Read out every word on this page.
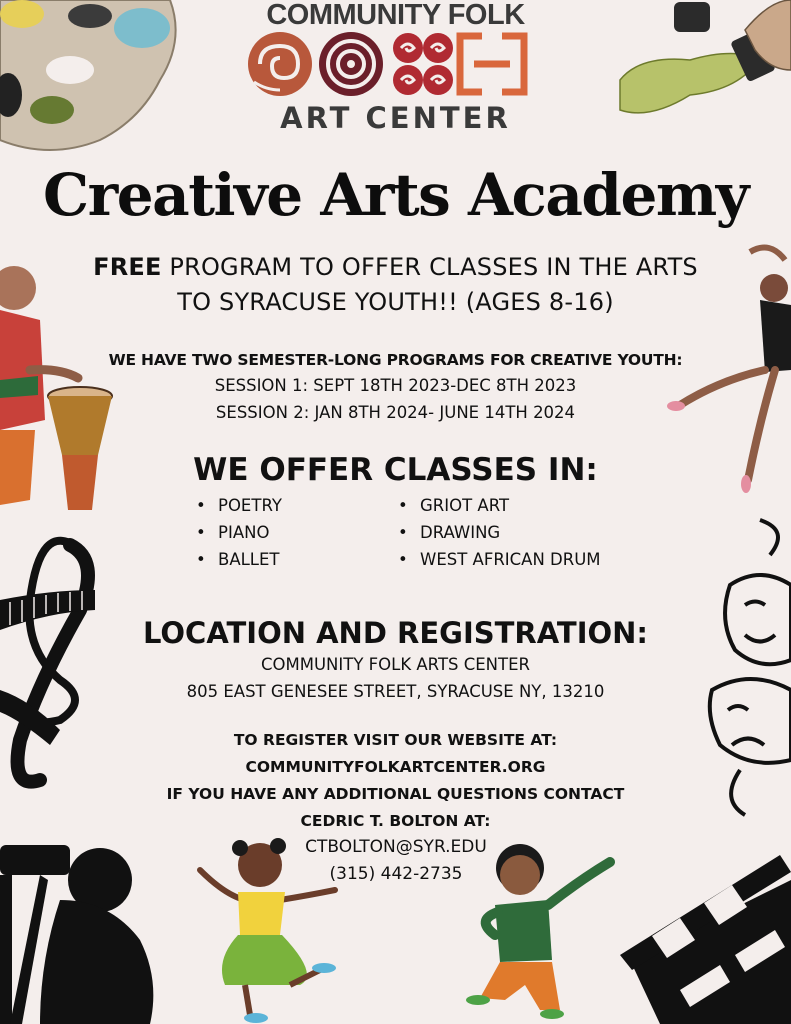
COMMUNITY FOLK
ART CENTER
Creative Arts Academy
FREE PROGRAM TO OFFER CLASSES IN THE ARTS
TO SYRACUSE YOUTH!! (AGES 8-16)
WE HAVE TWO SEMESTER-LONG PROGRAMS FOR CREATIVE YOUTH:
SESSION 1: SEPT 18TH 2023-DEC 8TH 2023
SESSION 2: JAN 8TH 2024- JUNE 14TH 2024
WE OFFER CLASSES IN:
• POETRY
• PIANO
• BALLET
• GRIOT ART
• DRAWING
• WEST AFRICAN DRUM
LOCATION AND REGISTRATION:
COMMUNITY FOLK ARTS CENTER
805 EAST GENESEE STREET, SYRACUSE NY, 13210
TO REGISTER VISIT OUR WEBSITE AT:
COMMUNITYFOLKARTCENTER.ORG
IF YOU HAVE ANY ADDITIONAL QUESTIONS CONTACT
CEDRIC T. BOLTON AT:
CTBOLTON@SYR.EDU
(315) 442-2735
